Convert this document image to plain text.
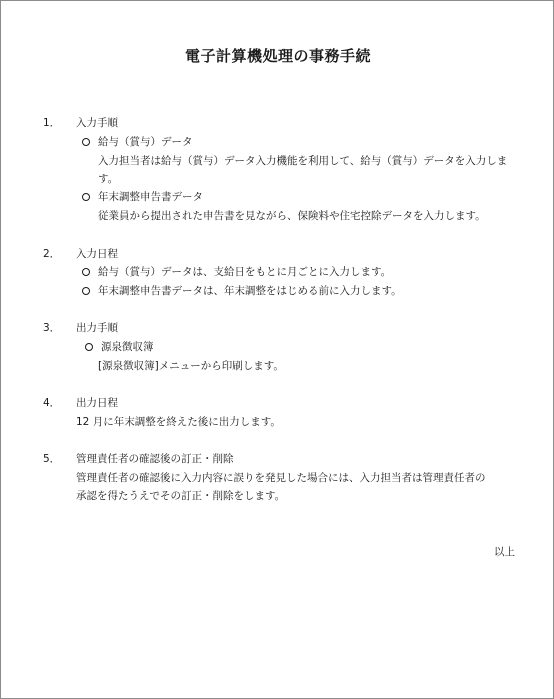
電子計算機処理の事務手続
1． 入力手順
給与（賞与）データ
入力担当者は給与（賞与）データ入力機能を利用して、給与（賞与）データを入力しま
す。
年末調整申告書データ
従業員から提出された申告書を見ながら、保険料や住宅控除データを入力します。
2． 入力日程
給与（賞与）データは、支給日をもとに月ごとに入力します。
年末調整申告書データは、年末調整をはじめる前に入力します。
3． 出力手順
源泉徴収簿
[源泉徴収簿]メニューから印刷します。
4． 出力日程
12 月に年末調整を終えた後に出力します。
5． 管理責任者の確認後の訂正・削除
管理責任者の確認後に入力内容に誤りを発見した場合には、入力担当者は管理責任者の
承認を得たうえでその訂正・削除をします。
以上
